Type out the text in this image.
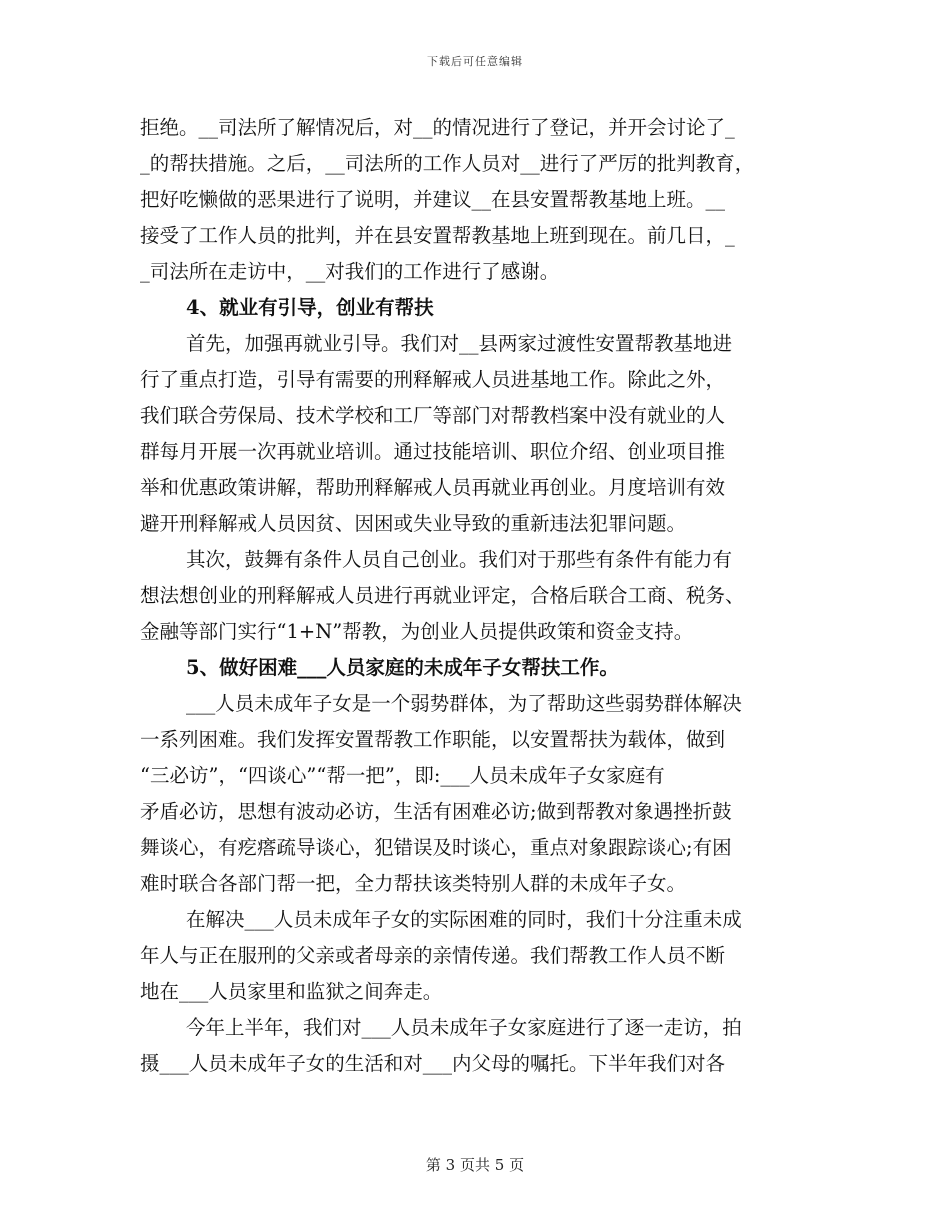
下载后可任意编辑
拒绝。__司法所了解情况后，对__的情况进行了登记，并开会讨论了_
_的帮扶措施。之后，__司法所的工作人员对__进行了严厉的批判教育，
把好吃懒做的恶果进行了说明，并建议__在县安置帮教基地上班。__
接受了工作人员的批判，并在县安置帮教基地上班到现在。前几日，_
_司法所在走访中，__对我们的工作进行了感谢。
4、就业有引导，创业有帮扶
首先，加强再就业引导。我们对__县两家过渡性安置帮教基地进
行了重点打造，引导有需要的刑释解戒人员进基地工作。除此之外，
我们联合劳保局、技术学校和工厂等部门对帮教档案中没有就业的人
群每月开展一次再就业培训。通过技能培训、职位介绍、创业项目推
举和优惠政策讲解，帮助刑释解戒人员再就业再创业。月度培训有效
避开刑释解戒人员因贫、因困或失业导致的重新违法犯罪问题。
其次，鼓舞有条件人员自己创业。我们对于那些有条件有能力有
想法想创业的刑释解戒人员进行再就业评定，合格后联合工商、税务、
金融等部门实行“1+N”帮教，为创业人员提供政策和资金支持。
5、做好困难___人员家庭的未成年子女帮扶工作。
___人员未成年子女是一个弱势群体，为了帮助这些弱势群体解决
一系列困难。我们发挥安置帮教工作职能，以安置帮扶为载体，做到
“三必访”，“四谈心”“帮一把”，即:___人员未成年子女家庭有
矛盾必访，思想有波动必访，生活有困难必访;做到帮教对象遇挫折鼓
舞谈心，有疙瘩疏导谈心，犯错误及时谈心，重点对象跟踪谈心;有困
难时联合各部门帮一把，全力帮扶该类特别人群的未成年子女。
在解决___人员未成年子女的实际困难的同时，我们十分注重未成
年人与正在服刑的父亲或者母亲的亲情传递。我们帮教工作人员不断
地在___人员家里和监狱之间奔走。
今年上半年，我们对___人员未成年子女家庭进行了逐一走访，拍
摄___人员未成年子女的生活和对___内父母的嘱托。下半年我们对各
第 3 页共 5 页
